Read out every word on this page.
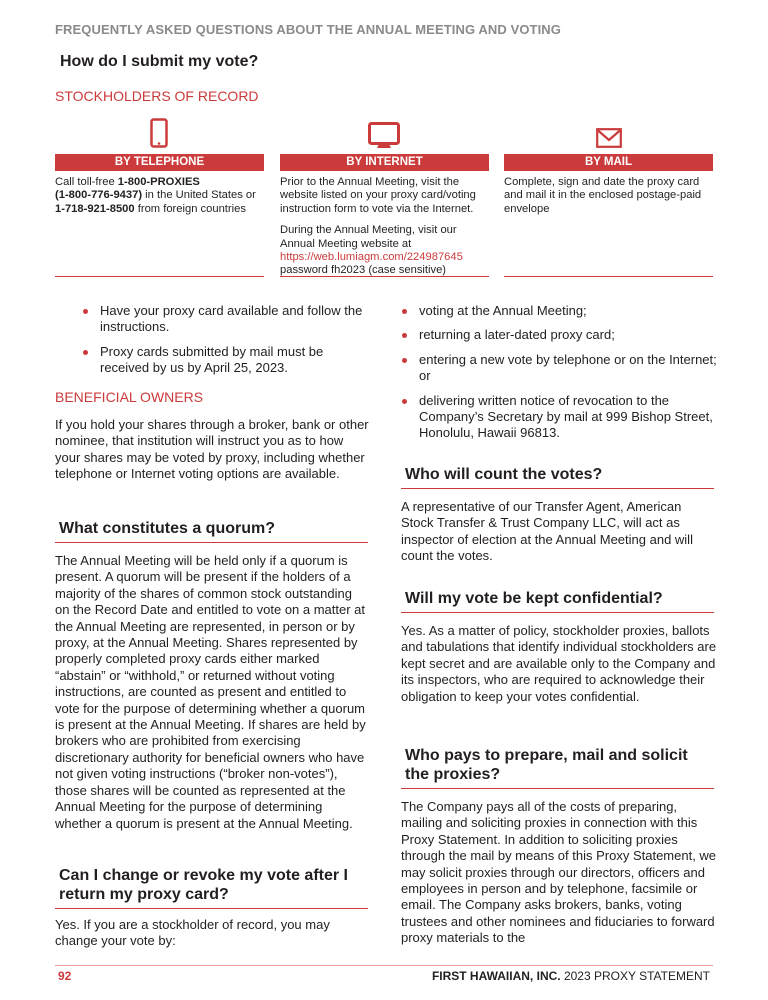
FREQUENTLY ASKED QUESTIONS ABOUT THE ANNUAL MEETING AND VOTING
How do I submit my vote?
STOCKHOLDERS OF RECORD
BY TELEPHONE
Call toll-free 1-800-PROXIES
(1-800-776-9437) in the United States or 1-718-921-8500 from foreign countries
BY INTERNET
Prior to the Annual Meeting, visit the website listed on your proxy card/voting instruction form to vote via the Internet.
During the Annual Meeting, visit our Annual Meeting website at
https://web.lumiagm.com/224987645
password fh2023 (case sensitive)
BY MAIL
Complete, sign and date the proxy card and mail it in the enclosed postage-paid envelope
Have your proxy card available and follow the instructions.
Proxy cards submitted by mail must be received by us by April 25, 2023.
BENEFICIAL OWNERS
If you hold your shares through a broker, bank or other nominee, that institution will instruct you as to how your shares may be voted by proxy, including whether telephone or Internet voting options are available.
What constitutes a quorum?
The Annual Meeting will be held only if a quorum is present. A quorum will be present if the holders of a majority of the shares of common stock outstanding on the Record Date and entitled to vote on a matter at the Annual Meeting are represented, in person or by proxy, at the Annual Meeting. Shares represented by properly completed proxy cards either marked “abstain” or “withhold,” or returned without voting instructions, are counted as present and entitled to vote for the purpose of determining whether a quorum is present at the Annual Meeting. If shares are held by brokers who are prohibited from exercising discretionary authority for beneficial owners who have not given voting instructions (“broker non-votes”), those shares will be counted as represented at the Annual Meeting for the purpose of determining whether a quorum is present at the Annual Meeting.
Can I change or revoke my vote after I return my proxy card?
Yes. If you are a stockholder of record, you may change your vote by:
voting at the Annual Meeting;
returning a later-dated proxy card;
entering a new vote by telephone or on the Internet; or
delivering written notice of revocation to the Company’s Secretary by mail at 999 Bishop Street, Honolulu, Hawaii 96813.
Who will count the votes?
A representative of our Transfer Agent, American Stock Transfer & Trust Company LLC, will act as inspector of election at the Annual Meeting and will count the votes.
Will my vote be kept confidential?
Yes. As a matter of policy, stockholder proxies, ballots and tabulations that identify individual stockholders are kept secret and are available only to the Company and its inspectors, who are required to acknowledge their obligation to keep your votes confidential.
Who pays to prepare, mail and solicit the proxies?
The Company pays all of the costs of preparing, mailing and soliciting proxies in connection with this Proxy Statement. In addition to soliciting proxies through the mail by means of this Proxy Statement, we may solicit proxies through our directors, officers and employees in person and by telephone, facsimile or email. The Company asks brokers, banks, voting trustees and other nominees and fiduciaries to forward proxy materials to the
92	FIRST HAWAIIAN, INC. 2023 PROXY STATEMENT
